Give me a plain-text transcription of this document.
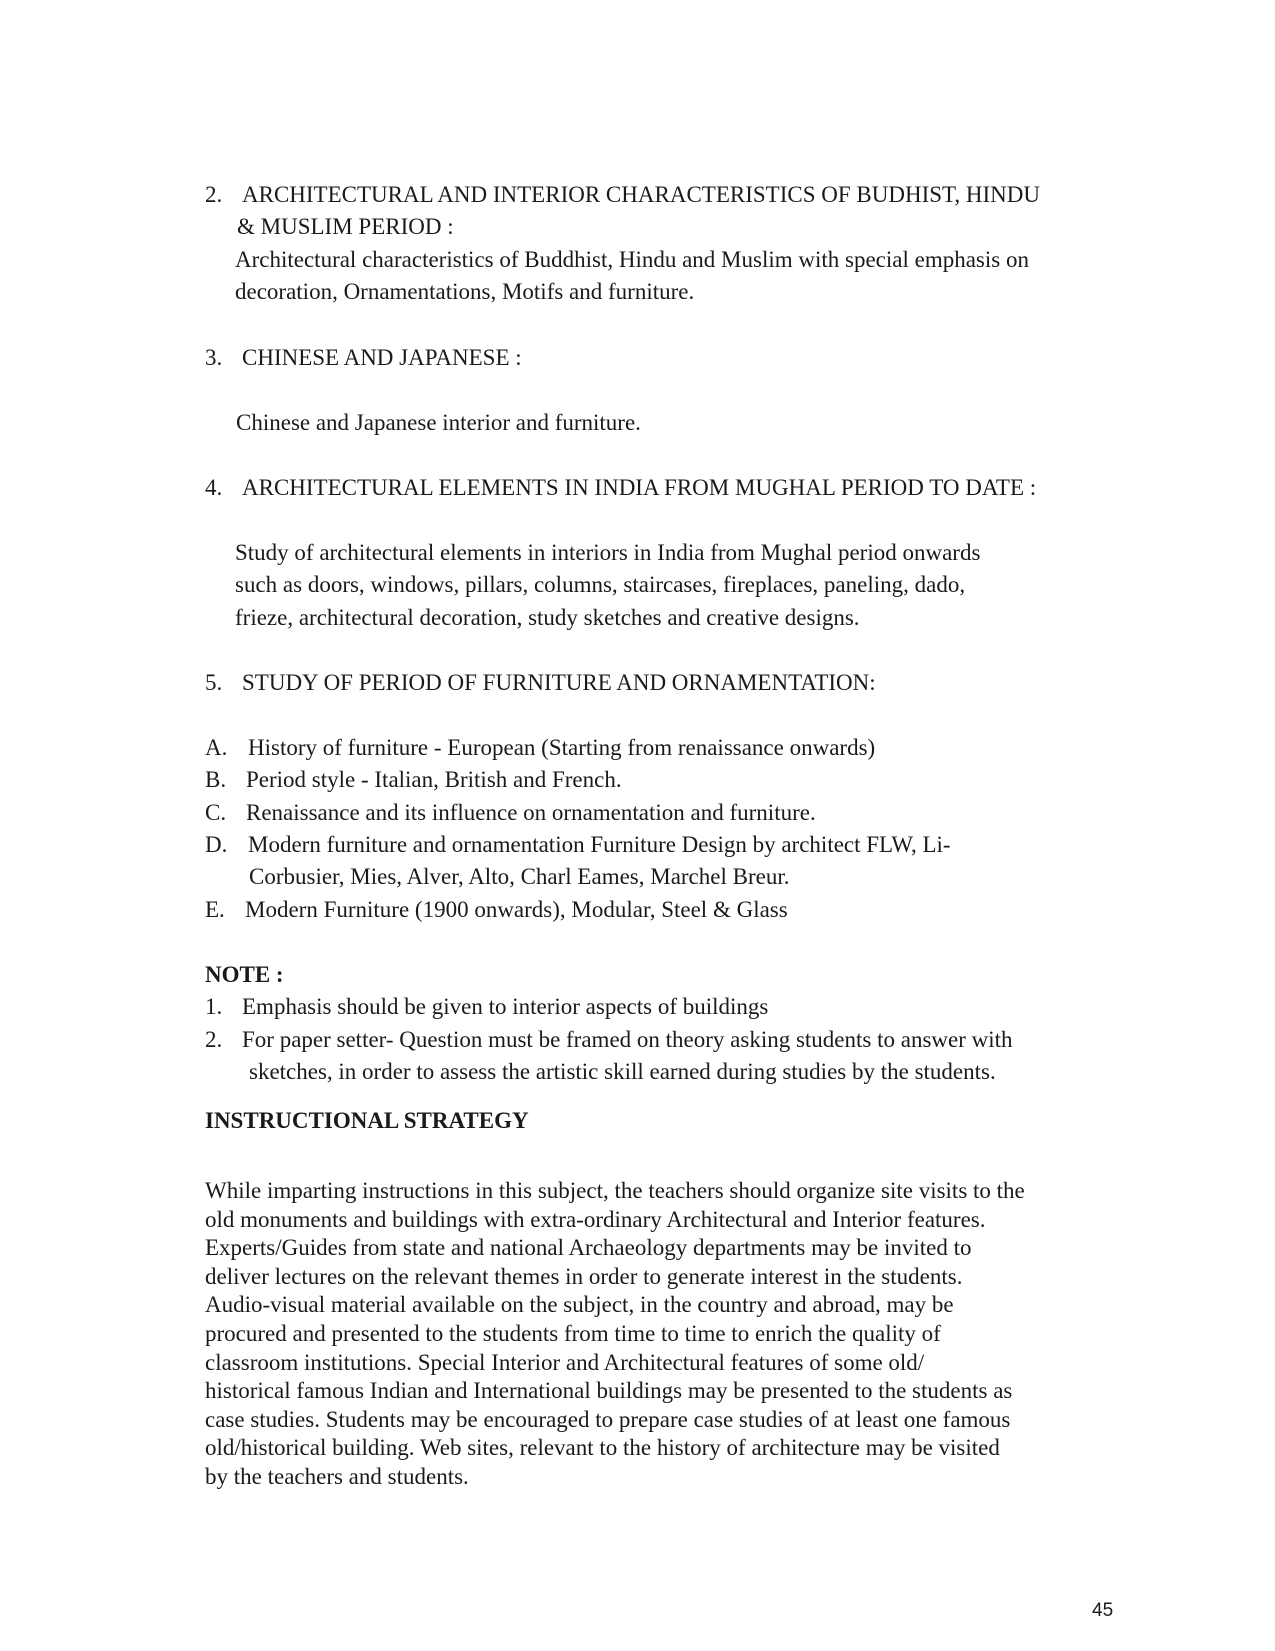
2. ARCHITECTURAL AND INTERIOR CHARACTERISTICS OF BUDHIST, HINDU
& MUSLIM PERIOD :
Architectural characteristics of Buddhist, Hindu and Muslim with special emphasis on
decoration, Ornamentations, Motifs and furniture.
3. CHINESE AND JAPANESE :
Chinese and Japanese interior and furniture.
4. ARCHITECTURAL ELEMENTS IN INDIA FROM MUGHAL PERIOD TO DATE :
Study of architectural elements in interiors in India from Mughal period onwards
such as doors, windows, pillars, columns, staircases, fireplaces, paneling, dado,
frieze, architectural decoration, study sketches and creative designs.
5. STUDY OF PERIOD OF FURNITURE AND ORNAMENTATION:
A. History of furniture - European (Starting from renaissance onwards)
B. Period style - Italian, British and French.
C. Renaissance and its influence on ornamentation and furniture.
D. Modern furniture and ornamentation Furniture Design by architect FLW, Li-
Corbusier, Mies, Alver, Alto, Charl Eames, Marchel Breur.
E. Modern Furniture (1900 onwards), Modular, Steel & Glass
NOTE :
1. Emphasis should be given to interior aspects of buildings
2. For paper setter- Question must be framed on theory asking students to answer with
sketches, in order to assess the artistic skill earned during studies by the students.
INSTRUCTIONAL STRATEGY
While imparting instructions in this subject, the teachers should organize site visits to the
old monuments and buildings with extra-ordinary Architectural and Interior features.
Experts/Guides from state and national Archaeology departments may be invited to
deliver lectures on the relevant themes in order to generate interest in the students.
Audio-visual material available on the subject, in the country and abroad, may be
procured and presented to the students from time to time to enrich the quality of
classroom institutions. Special Interior and Architectural features of some old/
historical famous Indian and International buildings may be presented to the students as
case studies. Students may be encouraged to prepare case studies of at least one famous
old/historical building. Web sites, relevant to the history of architecture may be visited
by the teachers and students.
45
